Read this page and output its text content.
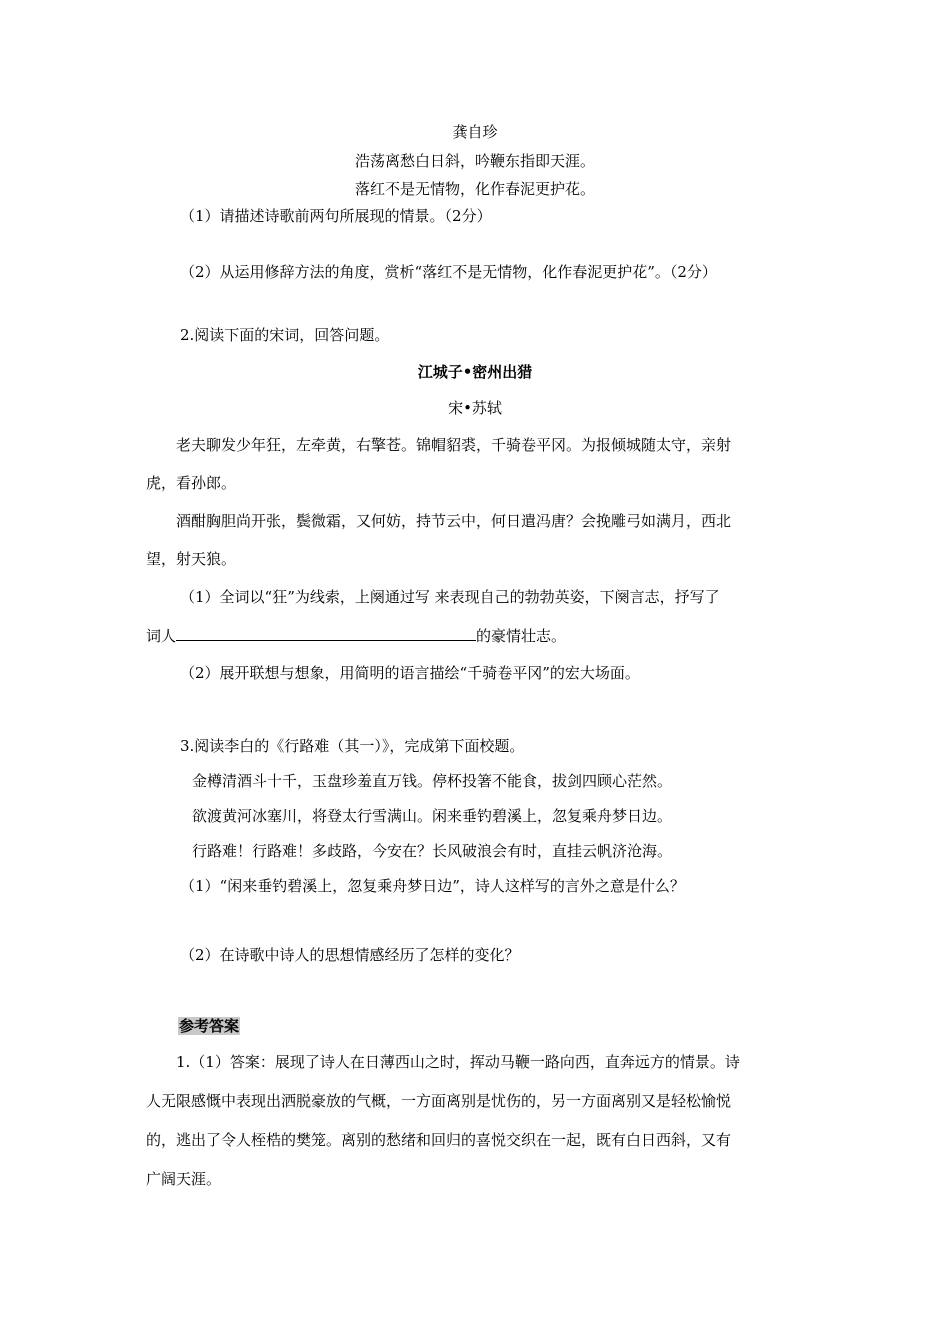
龚自珍
浩荡离愁白日斜，吟鞭东指即天涯。
落红不是无情物，化作春泥更护花。
（1）请描述诗歌前两句所展现的情景。（2分）
（2）从运用修辞方法的角度，赏析“落红不是无情物，化作春泥更护花”。（2分）
2.阅读下面的宋词，回答问题。
江城子•密州出猎
宋•苏轼
老夫聊发少年狂，左牵黄，右擎苍。锦帽貂裘，千骑卷平冈。为报倾城随太守，亲射
虎，看孙郎。
酒酣胸胆尚开张，鬓微霜，又何妨，持节云中，何日遣冯唐？会挽雕弓如满月，西北
望，射天狼。
（1）全词以“狂”为线索，上阕通过写 来表现自己的勃勃英姿，下阕言志，抒写了
词人	的豪情壮志。
（2）展开联想与想象，用简明的语言描绘“千骑卷平冈”的宏大场面。
3.阅读李白的《行路难（其一）》，完成第下面校题。
金樽清酒斗十千，玉盘珍羞直万钱。停杯投箸不能食，拔剑四顾心茫然。
欲渡黄河冰塞川，将登太行雪满山。闲来垂钓碧溪上，忽复乘舟梦日边。
行路难！行路难！多歧路，今安在？长风破浪会有时，直挂云帆济沧海。
（1）“闲来垂钓碧溪上，忽复乘舟梦日边”，诗人这样写的言外之意是什么？
（2）在诗歌中诗人的思想情感经历了怎样的变化？
参考答案
1.（1）答案：展现了诗人在日薄西山之时，挥动马鞭一路向西，直奔远方的情景。诗
人无限感慨中表现出洒脱豪放的气概，一方面离别是忧伤的，另一方面离别又是轻松愉悦
的，逃出了令人桎梏的樊笼。离别的愁绪和回归的喜悦交织在一起，既有白日西斜，又有
广阔天涯。
